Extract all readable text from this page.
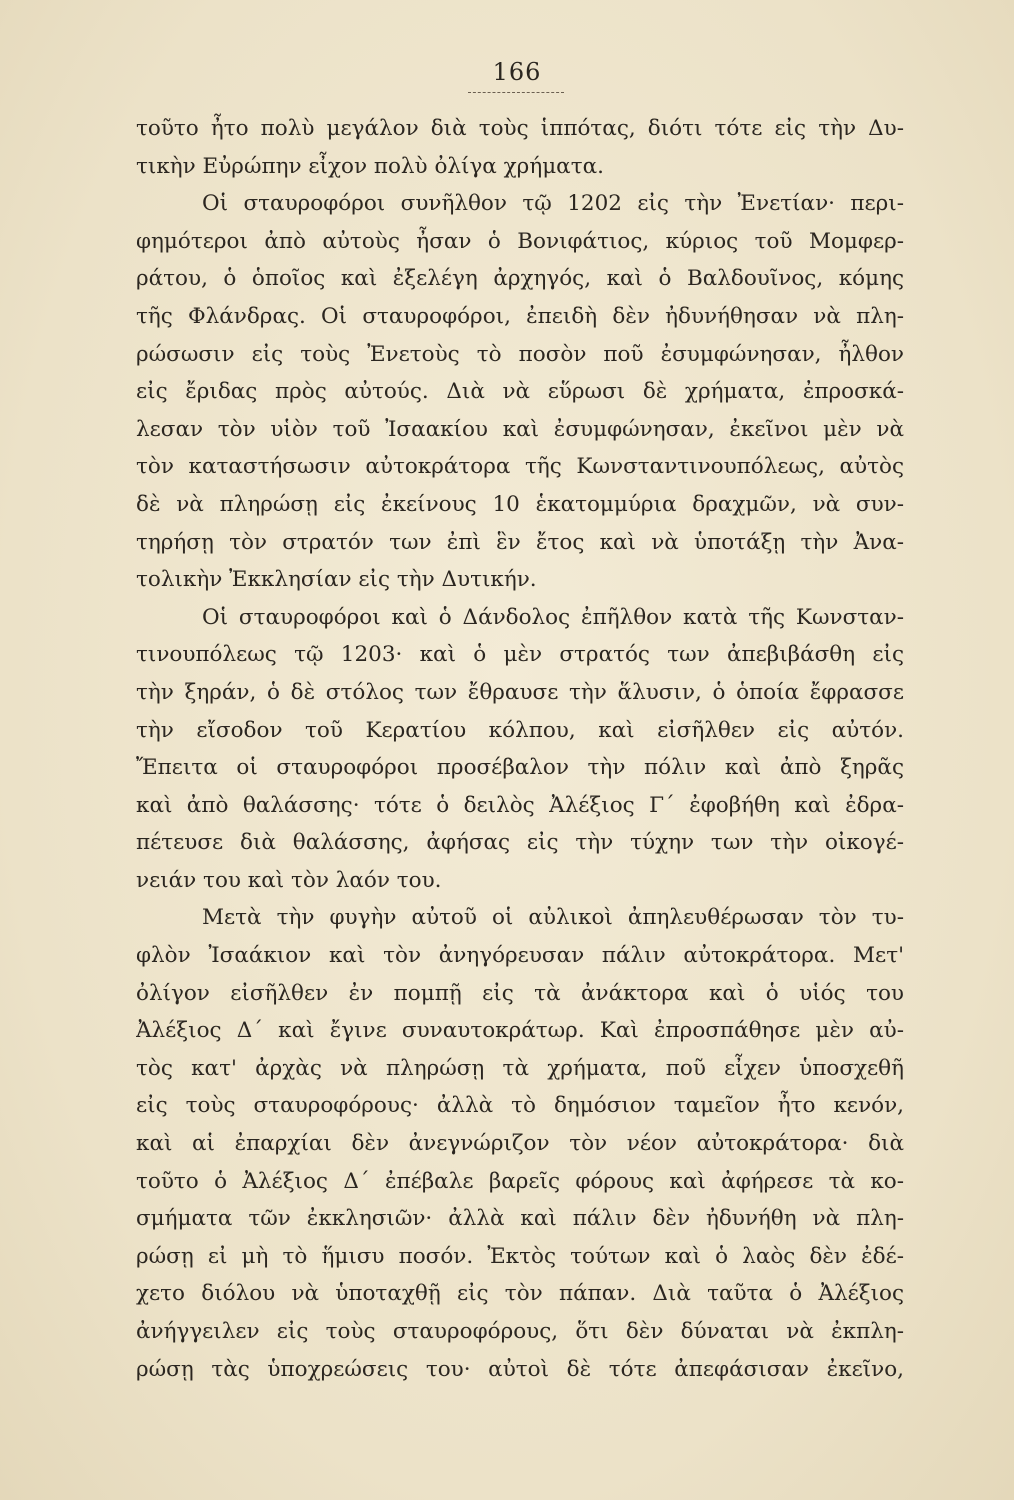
166
τοῦτο ἦτο πολὺ μεγάλον διὰ τοὺς ἱππότας, διότι τότε εἰς τὴν Δυ-
τικὴν Εὐρώπην εἶχον πολὺ ὀλίγα χρήματα.
Οἱ σταυροφόροι συνῆλθον τῷ 1202 εἰς τὴν Ἐνετίαν· περι-
φημότεροι ἀπὸ αὐτοὺς ἦσαν ὁ Βονιφάτιος, κύριος τοῦ Μομφερ-
ράτου, ὁ ὁποῖος καὶ ἐξελέγη ἀρχηγός, καὶ ὁ Βαλδουῖνος, κόμης
τῆς Φλάνδρας. Οἱ σταυροφόροι, ἐπειδὴ δὲν ἠδυνήθησαν νὰ πλη-
ρώσωσιν εἰς τοὺς Ἐνετοὺς τὸ ποσὸν ποῦ ἐσυμφώνησαν, ἦλθον
εἰς ἔριδας πρὸς αὐτούς. Διὰ νὰ εὕρωσι δὲ χρήματα, ἐπροσκά-
λεσαν τὸν υἱὸν τοῦ Ἰσαακίου καὶ ἐσυμφώνησαν, ἐκεῖνοι μὲν νὰ
τὸν καταστήσωσιν αὐτοκράτορα τῆς Κωνσταντινουπόλεως, αὐτὸς
δὲ νὰ πληρώσῃ εἰς ἐκείνους 10 ἑκατομμύρια δραχμῶν, νὰ συν-
τηρήσῃ τὸν στρατόν των ἐπὶ ἓν ἔτος καὶ νὰ ὑποτάξῃ τὴν Ἀνα-
τολικὴν Ἐκκλησίαν εἰς τὴν Δυτικήν.
Οἱ σταυροφόροι καὶ ὁ Δάνδολος ἐπῆλθον κατὰ τῆς Κωνσταν-
τινουπόλεως τῷ 1203· καὶ ὁ μὲν στρατός των ἀπεβιβάσθη εἰς
τὴν ξηράν, ὁ δὲ στόλος των ἔθραυσε τὴν ἅλυσιν, ὁ ὁποία ἔφρασσε
τὴν εἴσοδον τοῦ Κερατίου κόλπου, καὶ εἰσῆλθεν εἰς αὐτόν.
Ἔπειτα οἱ σταυροφόροι προσέβαλον τὴν πόλιν καὶ ἀπὸ ξηρᾶς
καὶ ἀπὸ θαλάσσης· τότε ὁ δειλὸς Ἀλέξιος Γ΄ ἐφοβήθη καὶ ἐδρα-
πέτευσε διὰ θαλάσσης, ἀφήσας εἰς τὴν τύχην των τὴν οἰκογέ-
νειάν του καὶ τὸν λαόν του.
Μετὰ τὴν φυγὴν αὐτοῦ οἱ αὐλικοὶ ἀπηλευθέρωσαν τὸν τυ-
φλὸν Ἰσαάκιον καὶ τὸν ἀνηγόρευσαν πάλιν αὐτοκράτορα. Μετ'
ὀλίγον εἰσῆλθεν ἐν πομπῇ εἰς τὰ ἀνάκτορα καὶ ὁ υἱός του
Ἀλέξιος Δ΄ καὶ ἔγινε συναυτοκράτωρ. Καὶ ἐπροσπάθησε μὲν αὐ-
τὸς κατ' ἀρχὰς νὰ πληρώσῃ τὰ χρήματα, ποῦ εἶχεν ὑποσχεθῆ
εἰς τοὺς σταυροφόρους· ἀλλὰ τὸ δημόσιον ταμεῖον ἦτο κενόν,
καὶ αἱ ἐπαρχίαι δὲν ἀνεγνώριζον τὸν νέον αὐτοκράτορα· διὰ
τοῦτο ὁ Ἀλέξιος Δ΄ ἐπέβαλε βαρεῖς φόρους καὶ ἀφήρεσε τὰ κο-
σμήματα τῶν ἐκκλησιῶν· ἀλλὰ καὶ πάλιν δὲν ἠδυνήθη νὰ πλη-
ρώσῃ εἰ μὴ τὸ ἥμισυ ποσόν. Ἐκτὸς τούτων καὶ ὁ λαὸς δὲν ἐδέ-
χετο διόλου νὰ ὑποταχθῇ εἰς τὸν πάπαν. Διὰ ταῦτα ὁ Ἀλέξιος
ἀνήγγειλεν εἰς τοὺς σταυροφόρους, ὅτι δὲν δύναται νὰ ἐκπλη-
ρώσῃ τὰς ὑποχρεώσεις του· αὐτοὶ δὲ τότε ἀπεφάσισαν ἐκεῖνο,
